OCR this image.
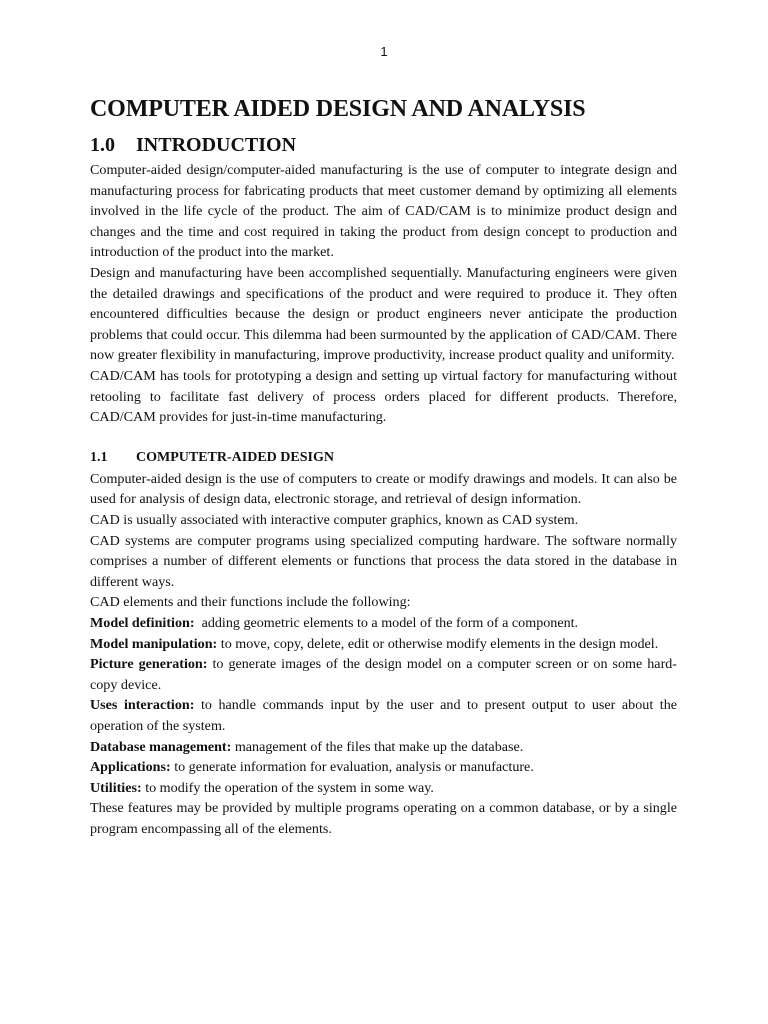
1
COMPUTER AIDED DESIGN AND ANALYSIS
1.0 INTRODUCTION

Computer-aided design/computer-aided manufacturing is the use of computer to integrate design and manufacturing process for fabricating products that meet customer demand by optimizing all elements involved in the life cycle of the product. The aim of CAD/CAM is to minimize product design and changes and the time and cost required in taking the product from design concept to production and introduction of the product into the market.

Design and manufacturing have been accomplished sequentially. Manufacturing engineers were given the detailed drawings and specifications of the product and were required to produce it. They often encountered difficulties because the design or product engineers never anticipate the production problems that could occur. This dilemma had been surmounted by the application of CAD/CAM. There now greater flexibility in manufacturing, improve productivity, increase product quality and uniformity.

CAD/CAM has tools for prototyping a design and setting up virtual factory for manufacturing without retooling to facilitate fast delivery of process orders placed for different products. Therefore, CAD/CAM provides for just-in-time manufacturing.

1.1 COMPUTETR-AIDED DESIGN

Computer-aided design is the use of computers to create or modify drawings and models. It can also be used for analysis of design data, electronic storage, and retrieval of design information.

CAD is usually associated with interactive computer graphics, known as CAD system.

CAD systems are computer programs using specialized computing hardware. The software normally comprises a number of different elements or functions that process the data stored in the database in different ways.

CAD elements and their functions include the following:

Model definition:  adding geometric elements to a model of the form of a component.

Model manipulation: to move, copy, delete, edit or otherwise modify elements in the design model.

Picture generation: to generate images of the design model on a computer screen or on some hard-copy device.

Uses interaction: to handle commands input by the user and to present output to user about the operation of the system.

Database management: management of the files that make up the database.

Applications: to generate information for evaluation, analysis or manufacture.

Utilities: to modify the operation of the system in some way.

These features may be provided by multiple programs operating on a common database, or by a single program encompassing all of the elements.
